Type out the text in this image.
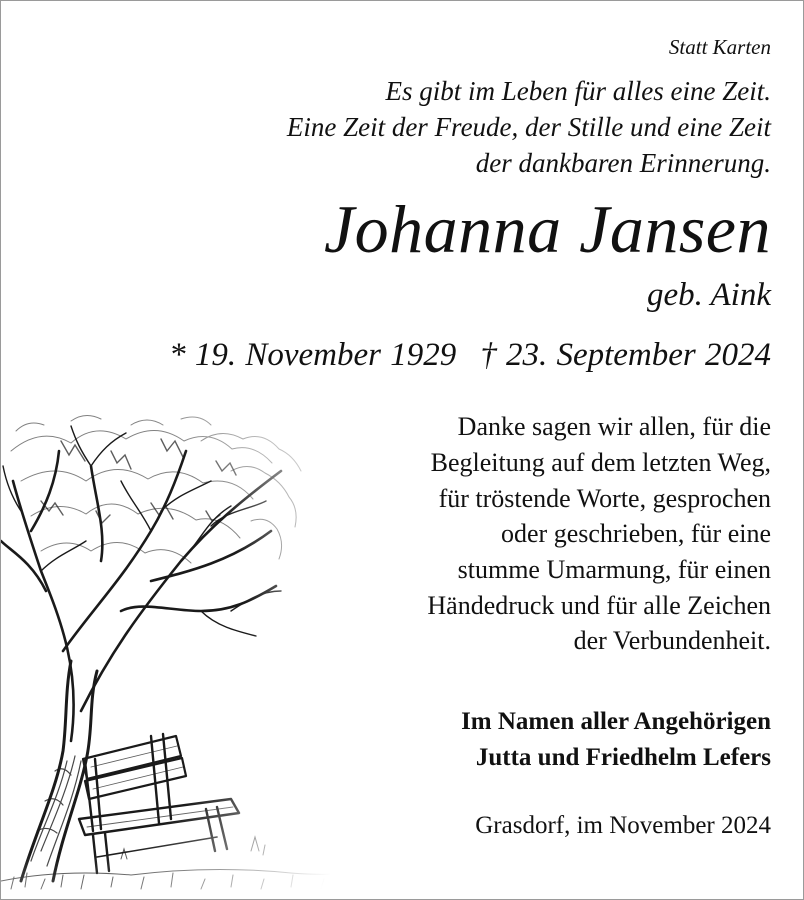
Statt Karten

Es gibt im Leben für alles eine Zeit.

Eine Zeit der Freude, der Stille und eine Zeit

der dankbaren Erinnerung.

Johanna Jansen

geb. Aink

* 19. November 1929 † 23. September 2024

Danke sagen wir allen, für die

Begleitung auf dem letzten Weg,

für tröstende Worte, gesprochen

oder geschrieben, für eine

stumme Umarmung, für einen

Händedruck und für alle Zeichen

der Verbundenheit.

Im Namen aller Angehörigen

Jutta und Friedhelm Lefers

Grasdorf, im November 2024
